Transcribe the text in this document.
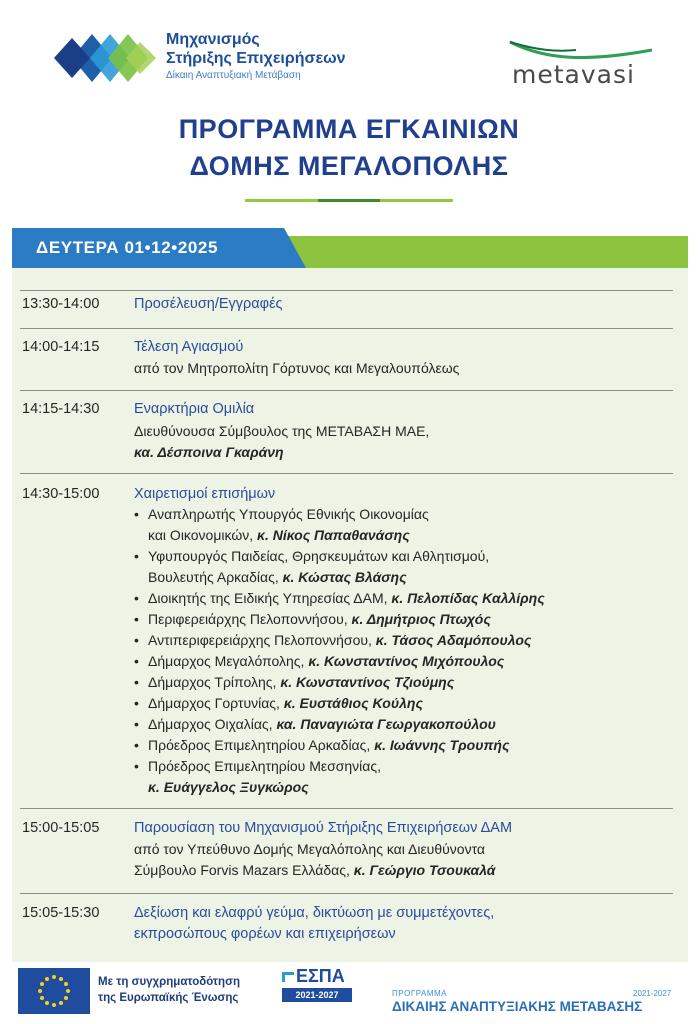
Μηχανισμός
Στήριξης Επιχειρήσεων
Δίκαιη Αναπτυξιακή Μετάβαση	metavasi
ΠΡΟΓΡΑΜΜΑ ΕΓΚΑΙΝΙΩΝ
ΔΟΜΗΣ ΜΕΓΑΛΟΠΟΛΗΣ
ΔΕΥΤΕΡΑ 01•12•2025
13:30-14:00 Προσέλευση/Εγγραφές
14:00-14:15 Τέλεση Αγιασμού
από τον Μητροπολίτη Γόρτυνος και Μεγαλουπόλεως
14:15-14:30 Εναρκτήρια Ομιλία
Διευθύνουσα Σύμβουλος της ΜΕΤΑΒΑΣΗ ΜΑΕ,
κα. Δέσποινα Γκαράνη
14:30-15:00 Χαιρετισμοί επισήμων
• Αναπληρωτής Υπουργός Εθνικής Οικονομίας
και Οικονομικών, κ. Νίκος Παπαθανάσης
• Υφυπουργός Παιδείας, Θρησκευμάτων και Αθλητισμού,
Βουλευτής Αρκαδίας, κ. Κώστας Βλάσης
• Διοικητής της Ειδικής Υπηρεσίας ΔΑΜ, κ. Πελοπίδας Καλλίρης
• Περιφερειάρχης Πελοποννήσου, κ. Δημήτριος Πτωχός
• Αντιπεριφερειάρχης Πελοποννήσου, κ. Τάσος Αδαμόπουλος
• Δήμαρχος Μεγαλόπολης, κ. Κωνσταντίνος Μιχόπουλος
• Δήμαρχος Τρίπολης, κ. Κωνσταντίνος Τζιούμης
• Δήμαρχος Γορτυνίας, κ. Ευστάθιος Κούλης
• Δήμαρχος Οιχαλίας, κα. Παναγιώτα Γεωργακοπούλου
• Πρόεδρος Επιμελητηρίου Αρκαδίας, κ. Ιωάννης Τρουπής
• Πρόεδρος Επιμελητηρίου Μεσσηνίας,
κ. Ευάγγελος Ξυγκώρος
15:00-15:05 Παρουσίαση του Μηχανισμού Στήριξης Επιχειρήσεων ΔΑΜ
από τον Υπεύθυνο Δομής Μεγαλόπολης και Διευθύνοντα
Σύμβουλο Forvis Mazars Ελλάδας, κ. Γεώργιο Τσουκαλά
15:05-15:30 Δεξίωση και ελαφρύ γεύμα, δικτύωση με συμμετέχοντες,
εκπροσώπους φορέων και επιχειρήσεων
Με τη συγχρηματοδότηση
της Ευρωπαϊκής Ένωσης
ΕΣΠΑ
2021-2027	ΠΡΟΓΡΑΜΜΑ	2021-2027
ΔΙΚΑΙΗΣ ΑΝΑΠΤΥΞΙΑΚΗΣ ΜΕΤΑΒΑΣΗΣ
